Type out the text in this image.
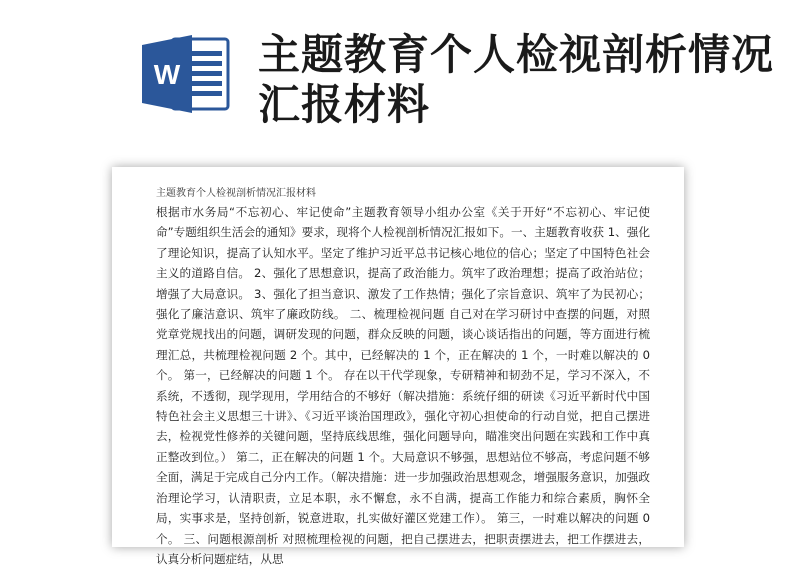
W 主题教育个人检视剖析情况汇报材料
主题教育个人检视剖析情况汇报材料
根据市水务局“不忘初心、牢记使命”主题教育领导小组办公室《关于开好“不忘初心、牢记使命”专题组织生活会的通知》要求，现将个人检视剖析情况汇报如下。一、主题教育收获 1、强化了理论知识，提高了认知水平。坚定了维护习近平总书记核心地位的信心；坚定了中国特色社会主义的道路自信。 2、强化了思想意识，提高了政治能力。筑牢了政治理想；提高了政治站位；增强了大局意识。 3、强化了担当意识、激发了工作热情；强化了宗旨意识、筑牢了为民初心；强化了廉洁意识、筑牢了廉政防线。 二、梳理检视问题 自己对在学习研讨中查摆的问题，对照党章党规找出的问题，调研发现的问题，群众反映的问题，谈心谈话指出的问题，等方面进行梳理汇总，共梳理检视问题 2 个。其中，已经解决的 1 个，正在解决的 1 个，一时难以解决的 0 个。 第一，已经解决的问题 1 个。 存在以干代学现象，专研精神和韧劲不足，学习不深入，不系统，不透彻，现学现用，学用结合的不够好（解决措施：系统仔细的研读《习近平新时代中国特色社会主义思想三十讲》、《习近平谈治国理政》，强化守初心担使命的行动自觉，把自己摆进去，检视党性修养的关键问题，坚持底线思维，强化问题导向，瞄准突出问题在实践和工作中真正整改到位。） 第二，正在解决的问题 1 个。大局意识不够强，思想站位不够高，考虑问题不够全面，满足于完成自己分内工作。（解决措施：进一步加强政治思想观念，增强服务意识，加强政治理论学习，认清职责，立足本职，永不懈怠，永不自满，提高工作能力和综合素质，胸怀全局，实事求是，坚持创新，锐意进取，扎实做好灌区党建工作）。 第三，一时难以解决的问题 0 个。 三、问题根源剖析 对照梳理检视的问题，把自己摆进去，把职责摆进去，把工作摆进去，认真分析问题症结，从思
